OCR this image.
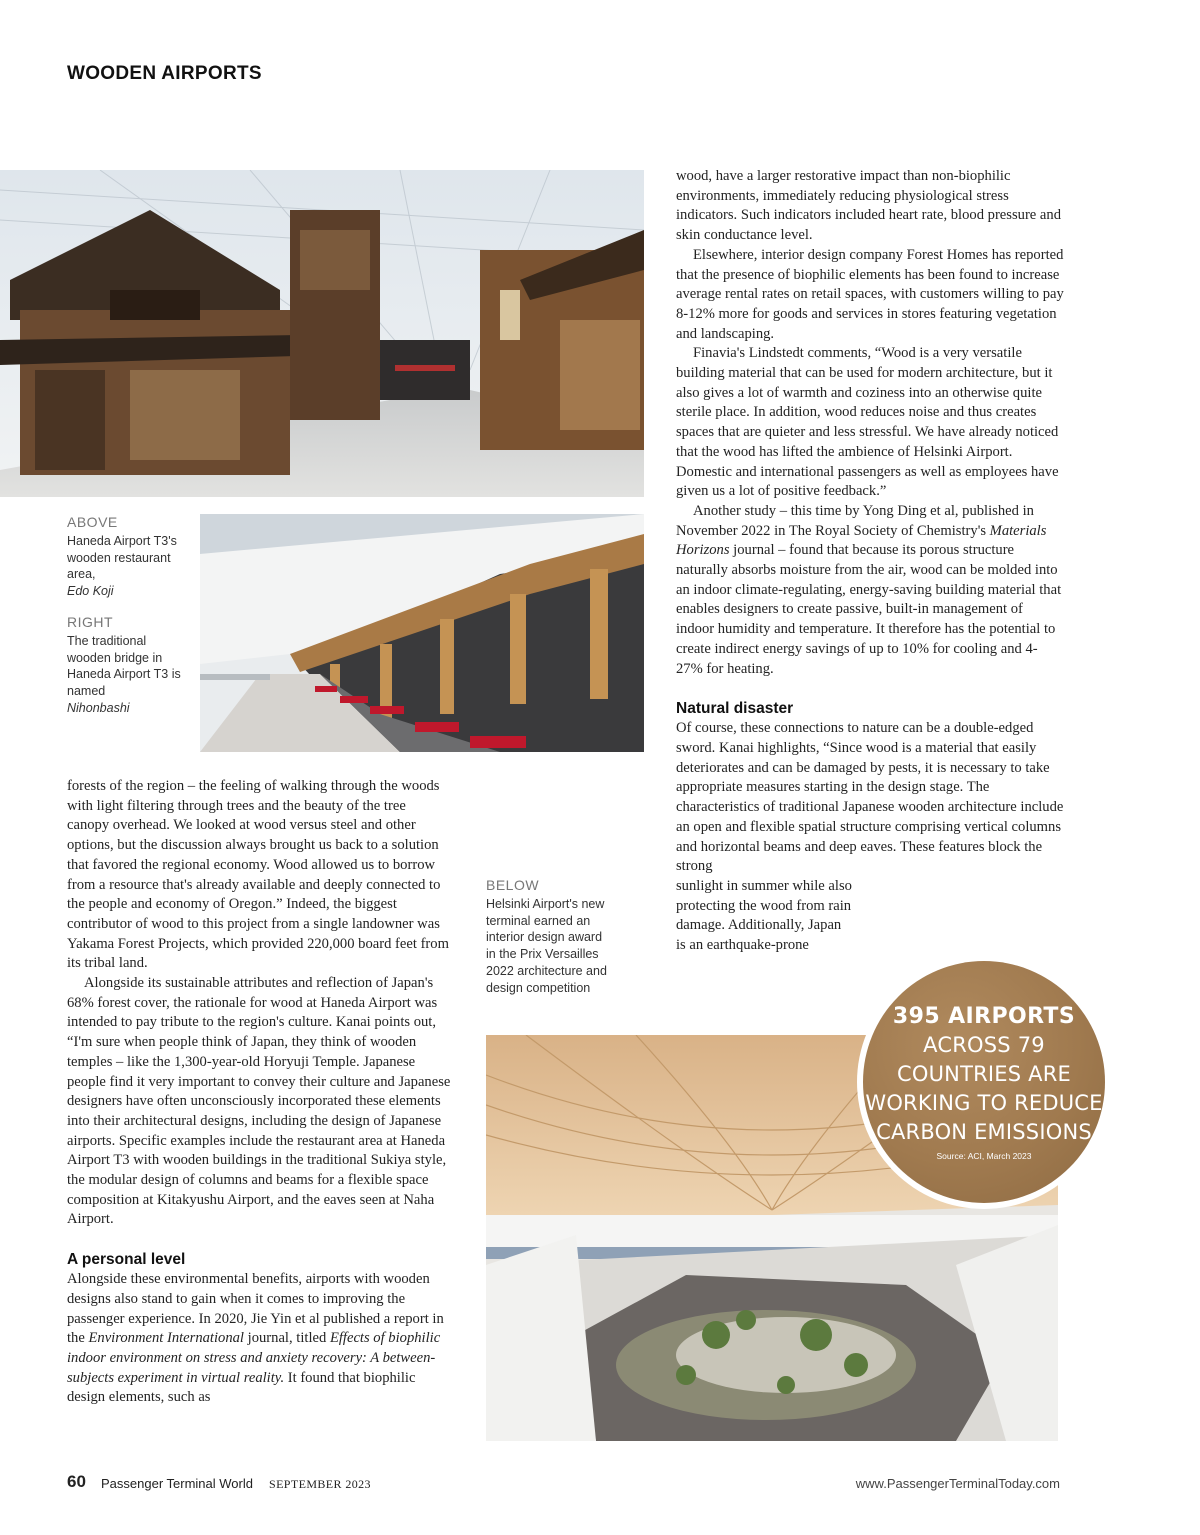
WOODEN AIRPORTS
ABOVE
Haneda Airport T3's wooden restaurant area,
Edo Koji
RIGHT
The traditional wooden bridge in Haneda Airport T3 is named
Nihonbashi

forests of the region – the feeling of walking through the woods with light filtering through trees and the beauty of the tree canopy overhead. We looked at wood versus steel and other options, but the discussion always brought us back to a solution that favored the regional economy. Wood allowed us to borrow from a resource that's already available and deeply connected to the people and economy of Oregon.” Indeed, the biggest contributor of wood to this project from a single landowner was Yakama Forest Projects, which provided 220,000 board feet from its tribal land.

Alongside its sustainable attributes and reflection of Japan's 68% forest cover, the rationale for wood at Haneda Airport was intended to pay tribute to the region's culture. Kanai points out, “I'm sure when people think of Japan, they think of wooden temples – like the 1,300-year-old Horyuji Temple. Japanese people find it very important to convey their culture and Japanese designers have often unconsciously incorporated these elements into their architectural designs, including the design of Japanese airports. Specific examples include the restaurant area at Haneda Airport T3 with wooden buildings in the traditional Sukiya style, the modular design of columns and beams for a flexible space composition at Kitakyushu Airport, and the eaves seen at Naha Airport.

A personal level

Alongside these environmental benefits, airports with wooden designs also stand to gain when it comes to improving the passenger experience. In 2020, Jie Yin et al published a report in the Environment International journal, titled Effects of biophilic indoor environment on stress and anxiety recovery: A between-subjects experiment in virtual reality. It found that biophilic design elements, such as

BELOW
Helsinki Airport's new terminal earned an interior design award in the Prix Versailles 2022 architecture and design competition

wood, have a larger restorative impact than non-biophilic environments, immediately reducing physiological stress indicators. Such indicators included heart rate, blood pressure and skin conductance level.

Elsewhere, interior design company Forest Homes has reported that the presence of biophilic elements has been found to increase average rental rates on retail spaces, with customers willing to pay 8-12% more for goods and services in stores featuring vegetation and landscaping.

Finavia's Lindstedt comments, “Wood is a very versatile building material that can be used for modern architecture, but it also gives a lot of warmth and coziness into an otherwise quite sterile place. In addition, wood reduces noise and thus creates spaces that are quieter and less stressful. We have already noticed that the wood has lifted the ambience of Helsinki Airport. Domestic and international passengers as well as employees have given us a lot of positive feedback.”

Another study – this time by Yong Ding et al, published in November 2022 in The Royal Society of Chemistry's Materials Horizons journal – found that because its porous structure naturally absorbs moisture from the air, wood can be molded into an indoor climate-regulating, energy-saving building material that enables designers to create passive, built-in management of indoor humidity and temperature. It therefore has the potential to create indirect energy savings of up to 10% for cooling and 4-27% for heating.

Natural disaster

Of course, these connections to nature can be a double-edged sword. Kanai highlights, “Since wood is a material that easily deteriorates and can be damaged by pests, it is necessary to take appropriate measures starting in the design stage. The characteristics of traditional Japanese wooden architecture include an open and flexible spatial structure comprising vertical columns and horizontal beams and deep eaves. These features block the strong

sunlight in summer while also
protecting the wood from rain
damage. Additionally, Japan
is an earthquake-prone
395 AIRPORTS
ACROSS 79
COUNTRIES ARE
WORKING TO REDUCE
CARBON EMISSIONS
Source: ACI, March 2023
60 Passenger Terminal World SEPTEMBER 2023	www.PassengerTerminalToday.com
